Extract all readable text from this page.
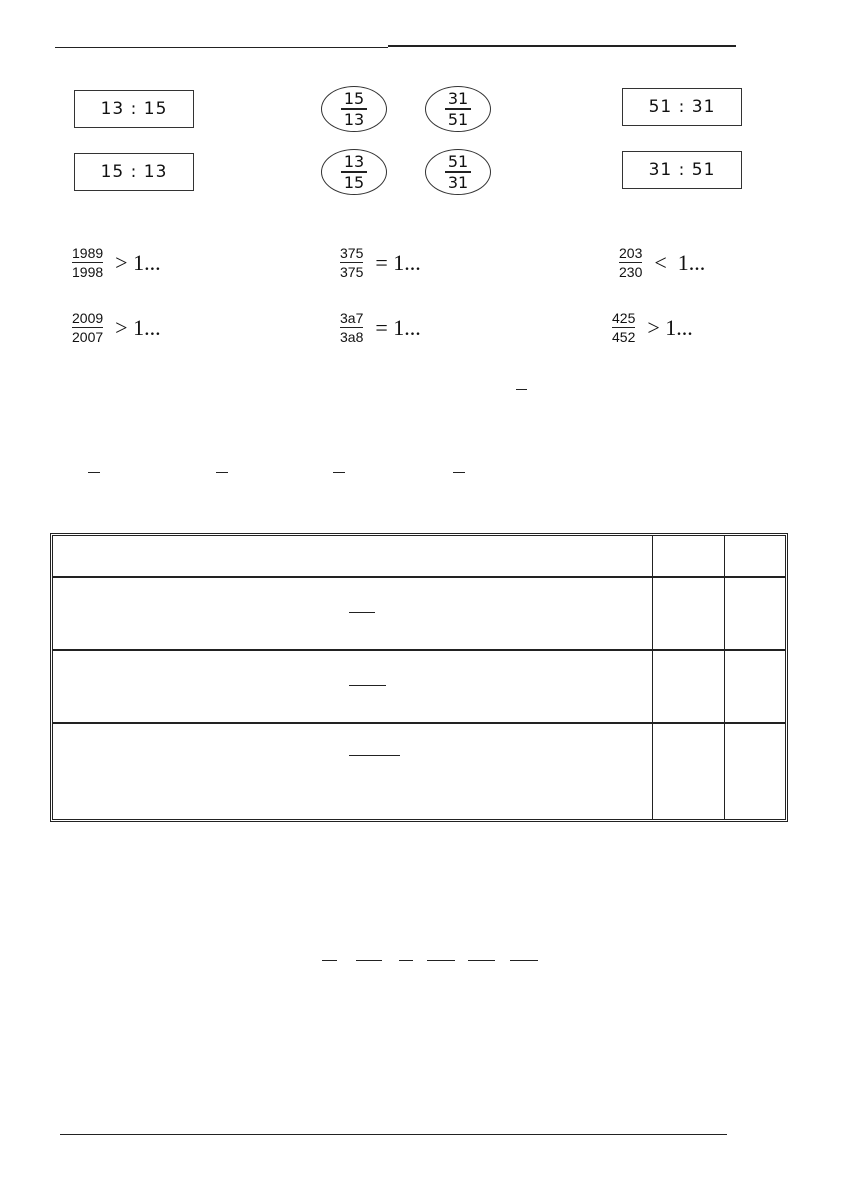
13 : 15
15 : 13
51 : 31
31 : 51
15
13
31
51
13
15
51
31
$\frac{1989}{1998} > 1$...	$\frac{375}{375} = 1$...	$\frac{203}{230} < 1$...
$\frac{2009}{2007} > 1$...	$\frac{3a7}{3a8} = 1$...	$\frac{425}{452} > 1$...
